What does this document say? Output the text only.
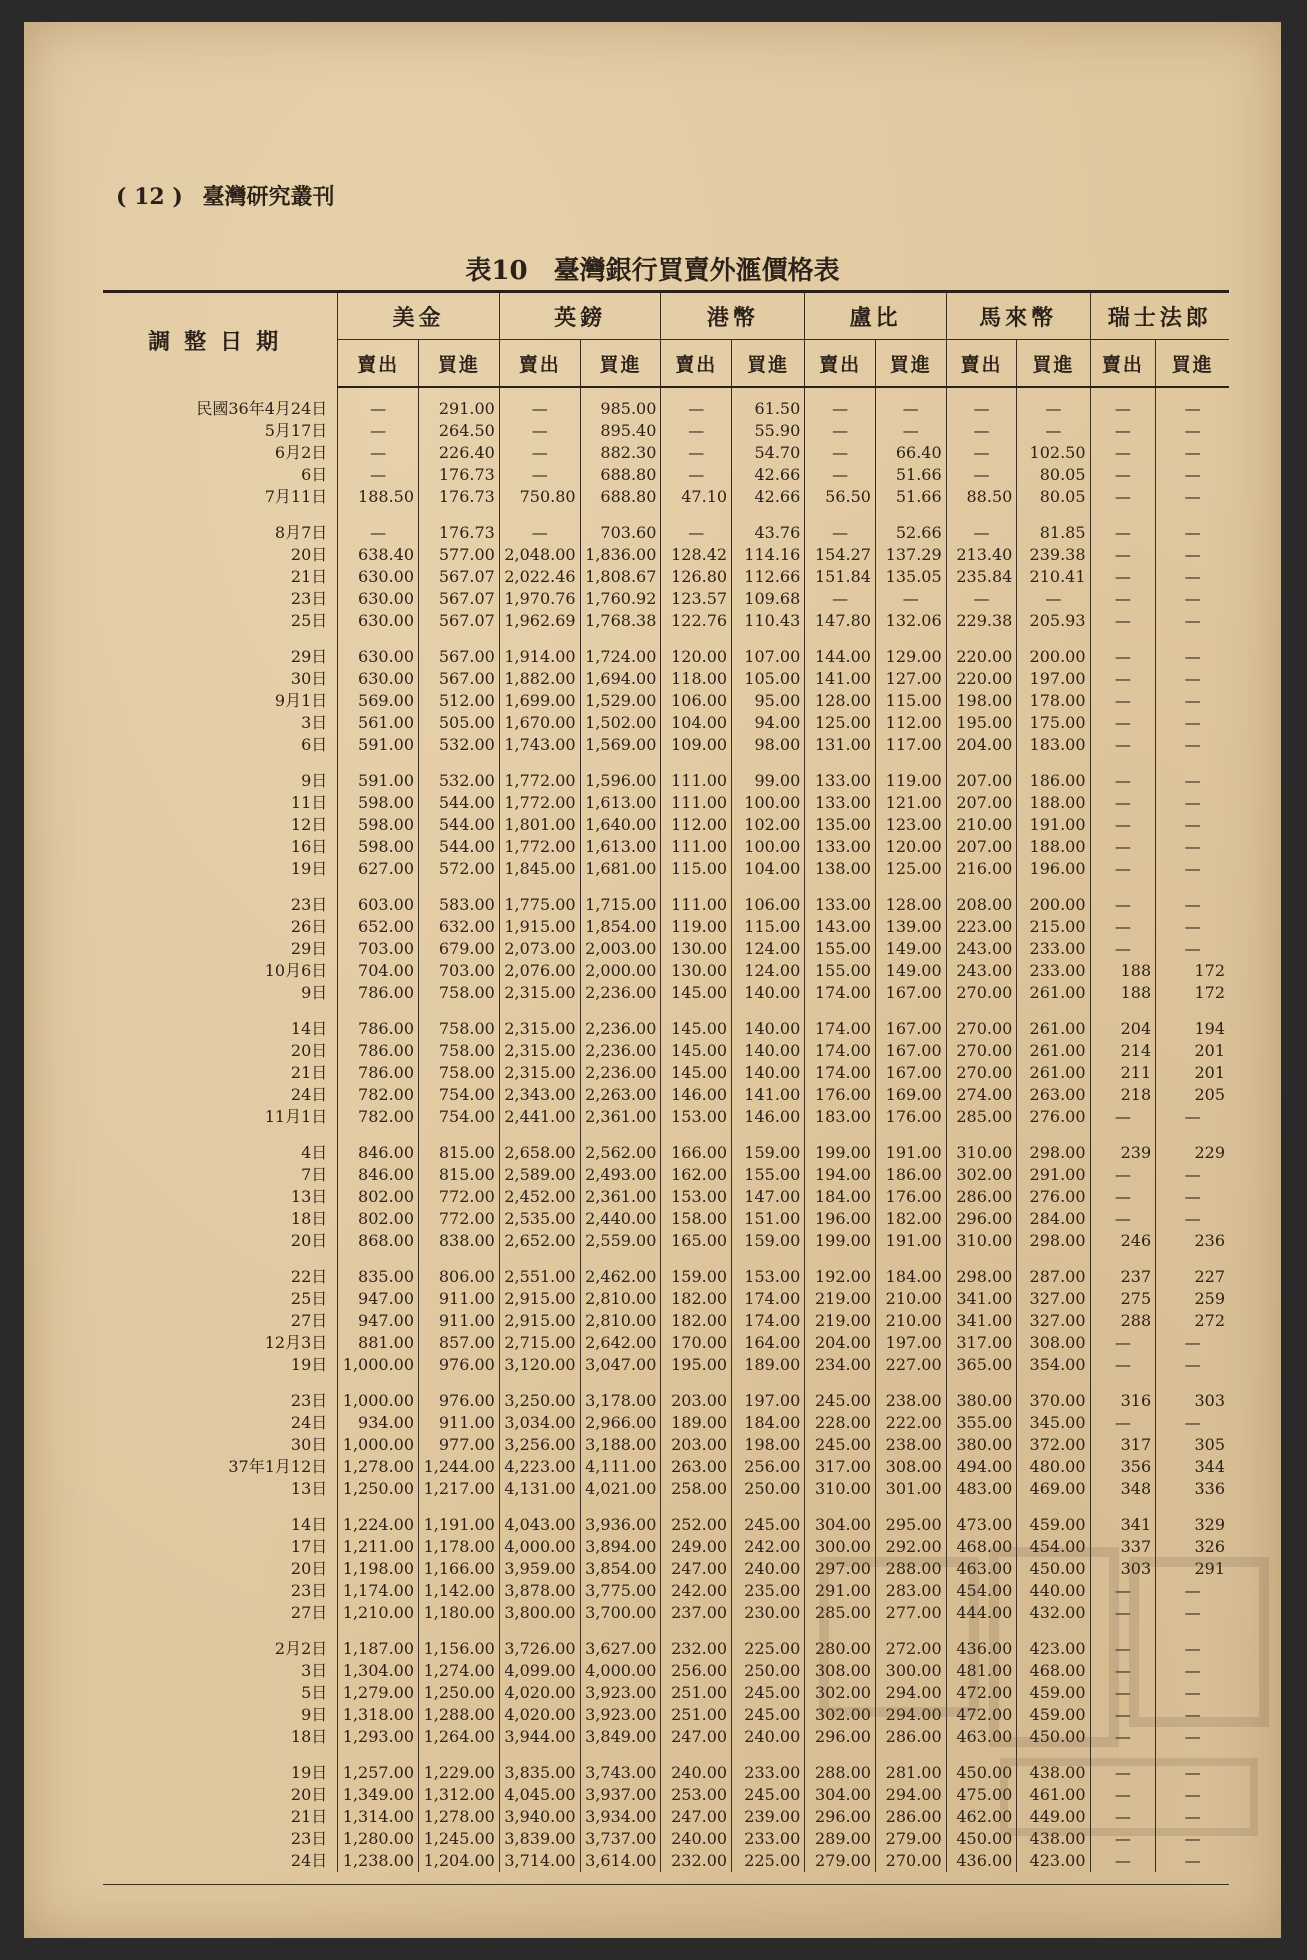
( 12 ) 臺灣研究叢刊
表10　臺灣銀行買賣外滙價格表
調整日期	美金		英鎊		港幣		盧比		馬來幣		瑞士法郎	
	賣出	買進	賣出	買進	賣出	買進	賣出	買進	賣出	買進	賣出	買進
民國36年4月24日	—	291.00	—	985.00	—	61.50	—	—	—	—	—	—
5月17日	—	264.50	—	895.40	—	55.90	—	—	—	—	—	—
6月2日	—	226.40	—	882.30	—	54.70	—	66.40	—	102.50	—	—
6日	—	176.73	—	688.80	—	42.66	—	51.66	—	80.05	—	—
7月11日	188.50	176.73	750.80	688.80	47.10	42.66	56.50	51.66	88.50	80.05	—	—
8月7日	—	176.73	—	703.60	—	43.76	—	52.66	—	81.85	—	—
20日	638.40	577.00	2,048.00	1,836.00	128.42	114.16	154.27	137.29	213.40	239.38	—	—
21日	630.00	567.07	2,022.46	1,808.67	126.80	112.66	151.84	135.05	235.84	210.41	—	—
23日	630.00	567.07	1,970.76	1,760.92	123.57	109.68	—	—	—	—	—	—
25日	630.00	567.07	1,962.69	1,768.38	122.76	110.43	147.80	132.06	229.38	205.93	—	—
29日	630.00	567.00	1,914.00	1,724.00	120.00	107.00	144.00	129.00	220.00	200.00	—	—
30日	630.00	567.00	1,882.00	1,694.00	118.00	105.00	141.00	127.00	220.00	197.00	—	—
9月1日	569.00	512.00	1,699.00	1,529.00	106.00	95.00	128.00	115.00	198.00	178.00	—	—
3日	561.00	505.00	1,670.00	1,502.00	104.00	94.00	125.00	112.00	195.00	175.00	—	—
6日	591.00	532.00	1,743.00	1,569.00	109.00	98.00	131.00	117.00	204.00	183.00	—	—
9日	591.00	532.00	1,772.00	1,596.00	111.00	99.00	133.00	119.00	207.00	186.00	—	—
11日	598.00	544.00	1,772.00	1,613.00	111.00	100.00	133.00	121.00	207.00	188.00	—	—
12日	598.00	544.00	1,801.00	1,640.00	112.00	102.00	135.00	123.00	210.00	191.00	—	—
16日	598.00	544.00	1,772.00	1,613.00	111.00	100.00	133.00	120.00	207.00	188.00	—	—
19日	627.00	572.00	1,845.00	1,681.00	115.00	104.00	138.00	125.00	216.00	196.00	—	—
23日	603.00	583.00	1,775.00	1,715.00	111.00	106.00	133.00	128.00	208.00	200.00	—	—
26日	652.00	632.00	1,915.00	1,854.00	119.00	115.00	143.00	139.00	223.00	215.00	—	—
29日	703.00	679.00	2,073.00	2,003.00	130.00	124.00	155.00	149.00	243.00	233.00	—	—
10月6日	704.00	703.00	2,076.00	2,000.00	130.00	124.00	155.00	149.00	243.00	233.00	188	172
9日	786.00	758.00	2,315.00	2,236.00	145.00	140.00	174.00	167.00	270.00	261.00	188	172
14日	786.00	758.00	2,315.00	2,236.00	145.00	140.00	174.00	167.00	270.00	261.00	204	194
20日	786.00	758.00	2,315.00	2,236.00	145.00	140.00	174.00	167.00	270.00	261.00	214	201
21日	786.00	758.00	2,315.00	2,236.00	145.00	140.00	174.00	167.00	270.00	261.00	211	201
24日	782.00	754.00	2,343.00	2,263.00	146.00	141.00	176.00	169.00	274.00	263.00	218	205
11月1日	782.00	754.00	2,441.00	2,361.00	153.00	146.00	183.00	176.00	285.00	276.00	—	—
4日	846.00	815.00	2,658.00	2,562.00	166.00	159.00	199.00	191.00	310.00	298.00	239	229
7日	846.00	815.00	2,589.00	2,493.00	162.00	155.00	194.00	186.00	302.00	291.00	—	—
13日	802.00	772.00	2,452.00	2,361.00	153.00	147.00	184.00	176.00	286.00	276.00	—	—
18日	802.00	772.00	2,535.00	2,440.00	158.00	151.00	196.00	182.00	296.00	284.00	—	—
20日	868.00	838.00	2,652.00	2,559.00	165.00	159.00	199.00	191.00	310.00	298.00	246	236
22日	835.00	806.00	2,551.00	2,462.00	159.00	153.00	192.00	184.00	298.00	287.00	237	227
25日	947.00	911.00	2,915.00	2,810.00	182.00	174.00	219.00	210.00	341.00	327.00	275	259
27日	947.00	911.00	2,915.00	2,810.00	182.00	174.00	219.00	210.00	341.00	327.00	288	272
12月3日	881.00	857.00	2,715.00	2,642.00	170.00	164.00	204.00	197.00	317.00	308.00	—	—
19日	1,000.00	976.00	3,120.00	3,047.00	195.00	189.00	234.00	227.00	365.00	354.00	—	—
23日	1,000.00	976.00	3,250.00	3,178.00	203.00	197.00	245.00	238.00	380.00	370.00	316	303
24日	934.00	911.00	3,034.00	2,966.00	189.00	184.00	228.00	222.00	355.00	345.00	—	—
30日	1,000.00	977.00	3,256.00	3,188.00	203.00	198.00	245.00	238.00	380.00	372.00	317	305
37年1月12日	1,278.00	1,244.00	4,223.00	4,111.00	263.00	256.00	317.00	308.00	494.00	480.00	356	344
13日	1,250.00	1,217.00	4,131.00	4,021.00	258.00	250.00	310.00	301.00	483.00	469.00	348	336
14日	1,224.00	1,191.00	4,043.00	3,936.00	252.00	245.00	304.00	295.00	473.00	459.00	341	329
17日	1,211.00	1,178.00	4,000.00	3,894.00	249.00	242.00	300.00	292.00	468.00	454.00	337	326
20日	1,198.00	1,166.00	3,959.00	3,854.00	247.00	240.00	297.00	288.00	463.00	450.00	303	291
23日	1,174.00	1,142.00	3,878.00	3,775.00	242.00	235.00	291.00	283.00	454.00	440.00	—	—
27日	1,210.00	1,180.00	3,800.00	3,700.00	237.00	230.00	285.00	277.00	444.00	432.00	—	—
2月2日	1,187.00	1,156.00	3,726.00	3,627.00	232.00	225.00	280.00	272.00	436.00	423.00	—	—
3日	1,304.00	1,274.00	4,099.00	4,000.00	256.00	250.00	308.00	300.00	481.00	468.00	—	—
5日	1,279.00	1,250.00	4,020.00	3,923.00	251.00	245.00	302.00	294.00	472.00	459.00	—	—
9日	1,318.00	1,288.00	4,020.00	3,923.00	251.00	245.00	302.00	294.00	472.00	459.00	—	—
18日	1,293.00	1,264.00	3,944.00	3,849.00	247.00	240.00	296.00	286.00	463.00	450.00	—	—
19日	1,257.00	1,229.00	3,835.00	3,743.00	240.00	233.00	288.00	281.00	450.00	438.00	—	—
20日	1,349.00	1,312.00	4,045.00	3,937.00	253.00	245.00	304.00	294.00	475.00	461.00	—	—
21日	1,314.00	1,278.00	3,940.00	3,934.00	247.00	239.00	296.00	286.00	462.00	449.00	—	—
23日	1,280.00	1,245.00	3,839.00	3,737.00	240.00	233.00	289.00	279.00	450.00	438.00	—	—
24日	1,238.00	1,204.00	3,714.00	3,614.00	232.00	225.00	279.00	270.00	436.00	423.00	—	—
